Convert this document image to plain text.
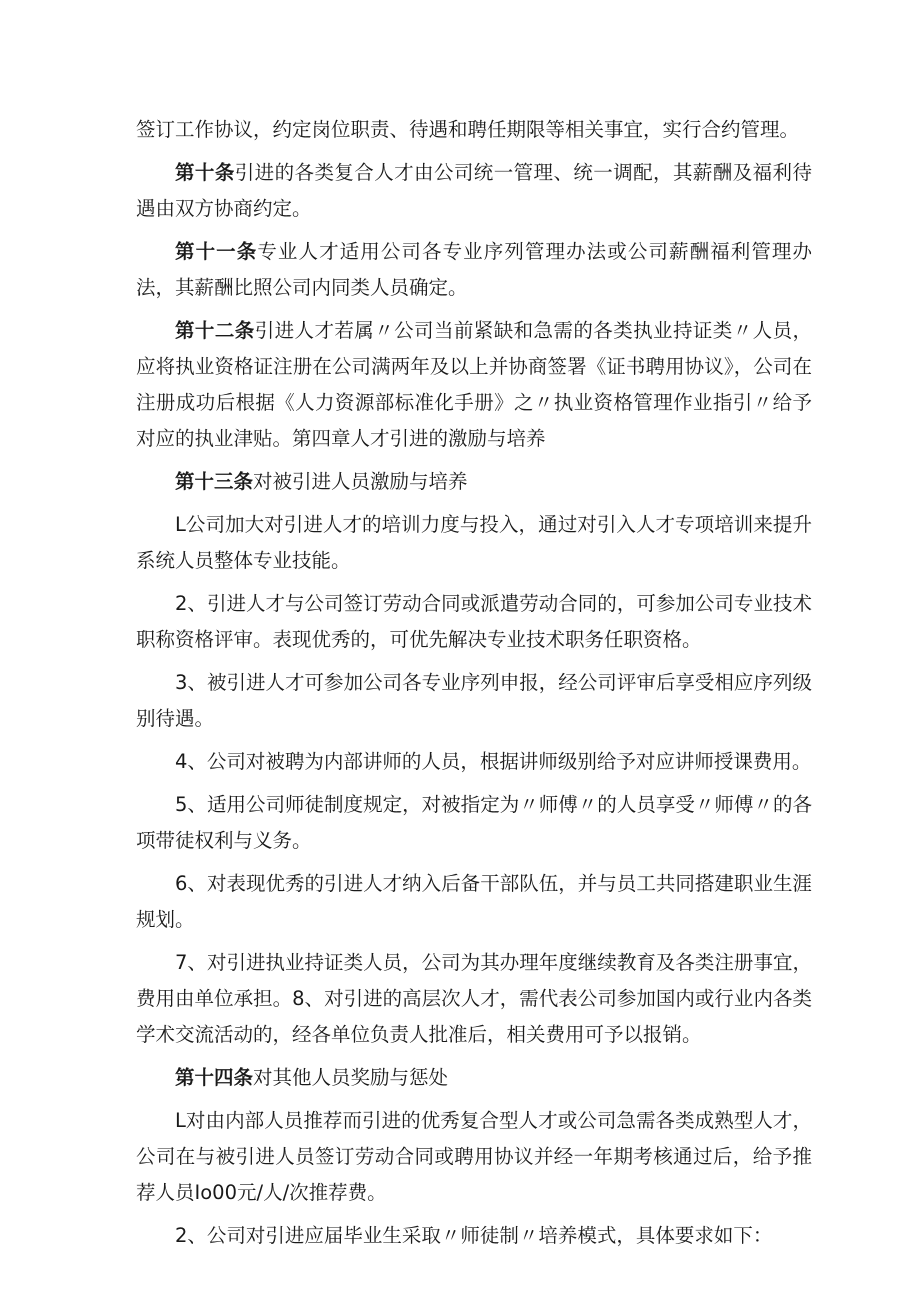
签订工作协议，约定岗位职责、待遇和聘任期限等相关事宜，实行合约管理。

第十条引进的各类复合人才由公司统一管理、统一调配，其薪酬及福利待遇由双方协商约定。

第十一条专业人才适用公司各专业序列管理办法或公司薪酬福利管理办法，其薪酬比照公司内同类人员确定。

第十二条引进人才若属〃公司当前紧缺和急需的各类执业持证类〃人员，应将执业资格证注册在公司满两年及以上并协商签署《证书聘用协议》，公司在注册成功后根据《人力资源部标准化手册》之〃执业资格管理作业指引〃给予对应的执业津贴。第四章人才引进的激励与培养

第十三条对被引进人员激励与培养

L公司加大对引进人才的培训力度与投入，通过对引入人才专项培训来提升系统人员整体专业技能。

2、引进人才与公司签订劳动合同或派遣劳动合同的，可参加公司专业技术职称资格评审。表现优秀的，可优先解决专业技术职务任职资格。

3、被引进人才可参加公司各专业序列申报，经公司评审后享受相应序列级别待遇。

4、公司对被聘为内部讲师的人员，根据讲师级别给予对应讲师授课费用。

5、适用公司师徒制度规定，对被指定为〃师傅〃的人员享受〃师傅〃的各项带徒权利与义务。

6、对表现优秀的引进人才纳入后备干部队伍，并与员工共同搭建职业生涯规划。

7、对引进执业持证类人员，公司为其办理年度继续教育及各类注册事宜，费用由单位承担。8、对引进的高层次人才，需代表公司参加国内或行业内各类学术交流活动的，经各单位负责人批准后，相关费用可予以报销。

第十四条对其他人员奖励与惩处

L对由内部人员推荐而引进的优秀复合型人才或公司急需各类成熟型人才，公司在与被引进人员签订劳动合同或聘用协议并经一年期考核通过后，给予推荐人员Io00元/人/次推荐费。

2、公司对引进应届毕业生采取〃师徒制〃培养模式，具体要求如下：
